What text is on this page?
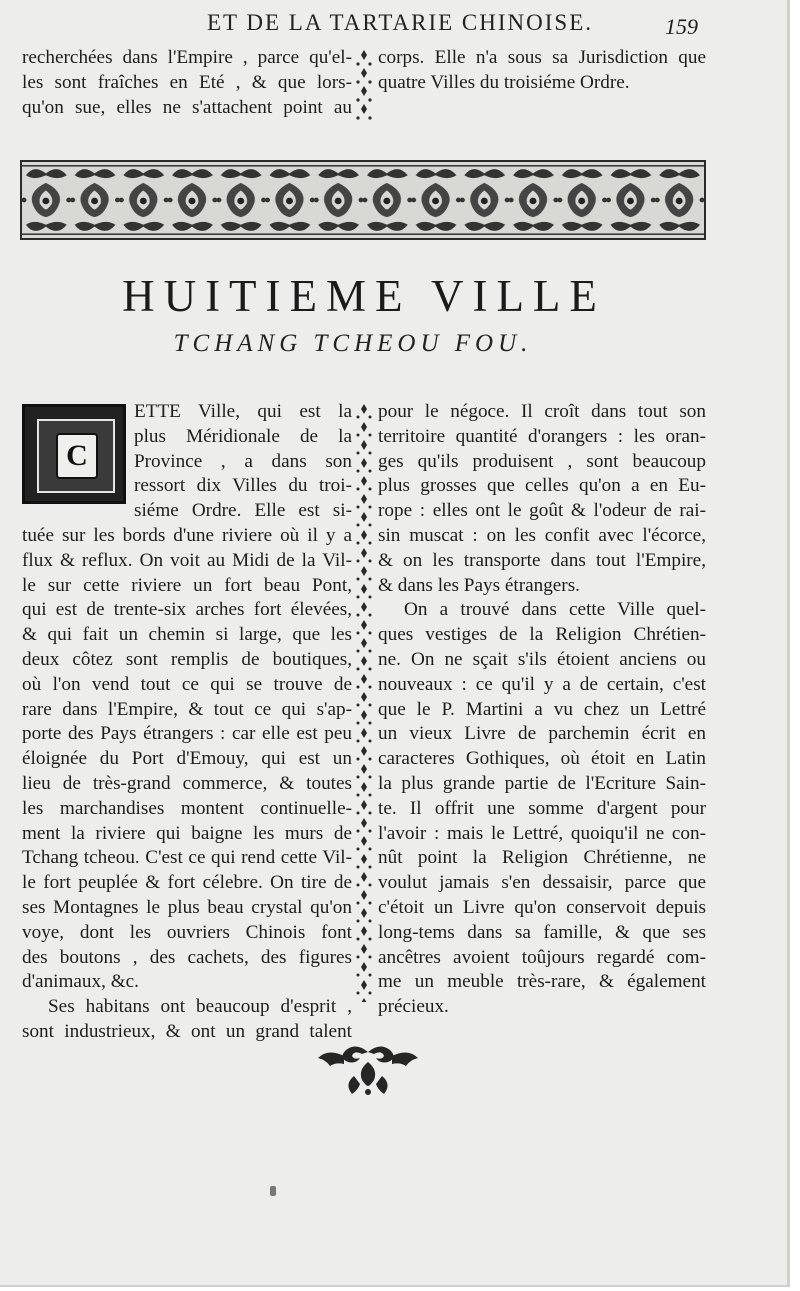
ET DE LA TARTARIE CHINOISE.	159
recherchées dans l'Empire , parce qu'el-
les sont fraîches en Eté , & que lors-
qu'on sue, elles ne s'attachent point au
corps. Elle n'a sous sa Jurisdiction que
quatre Villes du troisiéme Ordre.
HUITIEME VILLE
TCHANG TCHEOU FOU.
C
ETTE Ville, qui est la
plus Méridionale de la
Province , a dans son
ressort dix Villes du troi-
siéme Ordre. Elle est si-
tuée sur les bords d'une riviere où il y a
flux & reflux. On voit au Midi de la Vil-
le sur cette riviere un fort beau Pont,
qui est de trente-six arches fort élevées,
& qui fait un chemin si large, que les
deux côtez sont remplis de boutiques,
où l'on vend tout ce qui se trouve de
rare dans l'Empire, & tout ce qui s'ap-
porte des Pays étrangers : car elle est peu
éloignée du Port d'Emouy, qui est un
lieu de très-grand commerce, & toutes
les marchandises montent continuelle-
ment la riviere qui baigne les murs de
Tchang tcheou. C'est ce qui rend cette Vil-
le fort peuplée & fort célebre. On tire de
ses Montagnes le plus beau crystal qu'on
voye, dont les ouvriers Chinois font
des boutons , des cachets, des figures
d'animaux, &c.
Ses habitans ont beaucoup d'esprit ,
sont industrieux, & ont un grand talent
pour le négoce. Il croît dans tout son
territoire quantité d'orangers : les oran-
ges qu'ils produisent , sont beaucoup
plus grosses que celles qu'on a en Eu-
rope : elles ont le goût & l'odeur de rai-
sin muscat : on les confit avec l'écorce,
& on les transporte dans tout l'Empire,
& dans les Pays étrangers.
On a trouvé dans cette Ville quel-
ques vestiges de la Religion Chrétien-
ne. On ne sçait s'ils étoient anciens ou
nouveaux : ce qu'il y a de certain, c'est
que le P. Martini a vu chez un Lettré
un vieux Livre de parchemin écrit en
caracteres Gothiques, où étoit en Latin
la plus grande partie de l'Ecriture Sain-
te. Il offrit une somme d'argent pour
l'avoir : mais le Lettré, quoiqu'il ne con-
nût point la Religion Chrétienne, ne
voulut jamais s'en dessaisir, parce que
c'étoit un Livre qu'on conservoit depuis
long-tems dans sa famille, & que ses
ancêtres avoient toûjours regardé com-
me un meuble très-rare, & également
précieux.
